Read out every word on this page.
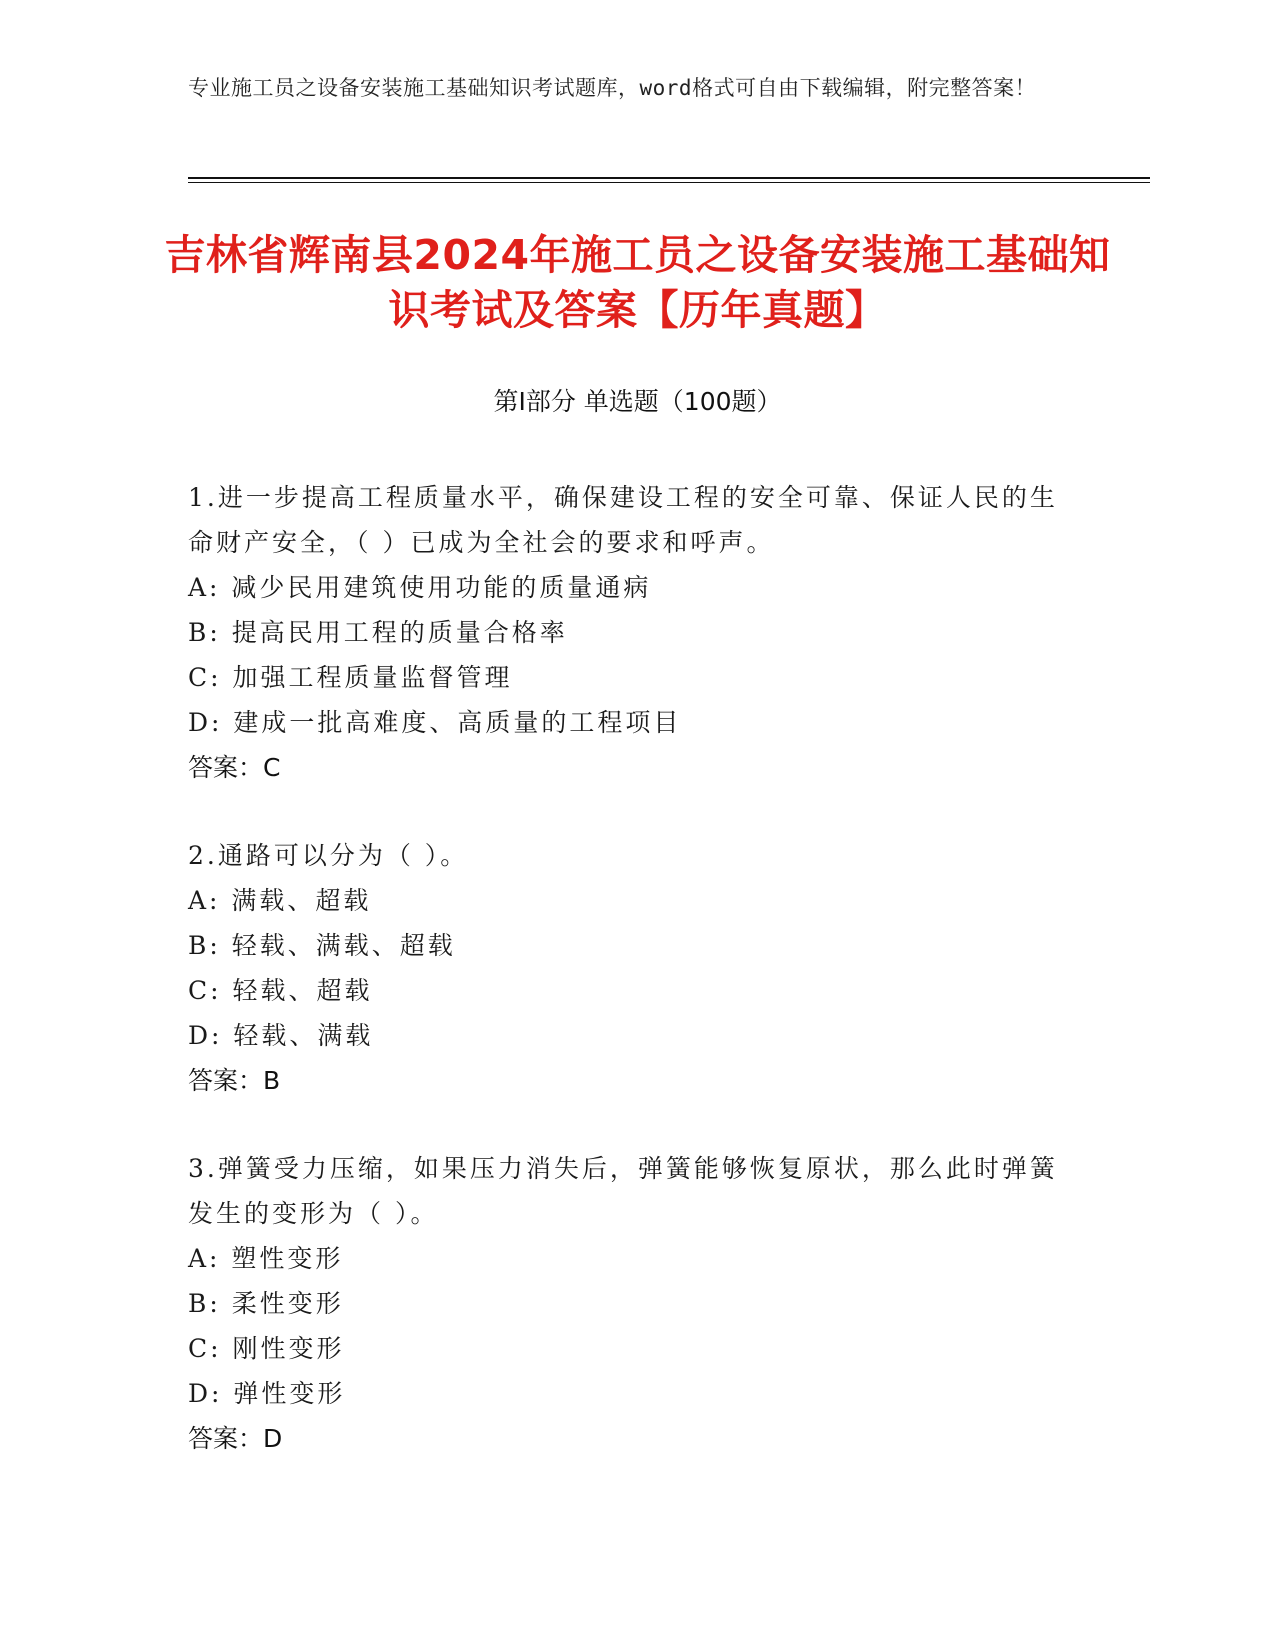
专业施工员之设备安装施工基础知识考试题库，word格式可自由下载编辑，附完整答案！
吉林省辉南县2024年施工员之设备安装施工基础知识考试及答案【历年真题】
第Ⅰ部分 单选题（100题）

1.进一步提高工程质量水平，确保建设工程的安全可靠、保证人民的生命财产安全，（ ）已成为全社会的要求和呼声。

A: 减少民用建筑使用功能的质量通病

B: 提高民用工程的质量合格率

C: 加强工程质量监督管理

D: 建成一批高难度、高质量的工程项目

答案：C

2.通路可以分为（ ）。

A: 满载、超载

B: 轻载、满载、超载

C: 轻载、超载

D: 轻载、满载

答案：B

3.弹簧受力压缩，如果压力消失后，弹簧能够恢复原状，那么此时弹簧发生的变形为（ ）。

A: 塑性变形

B: 柔性变形

C: 刚性变形

D: 弹性变形

答案：D
